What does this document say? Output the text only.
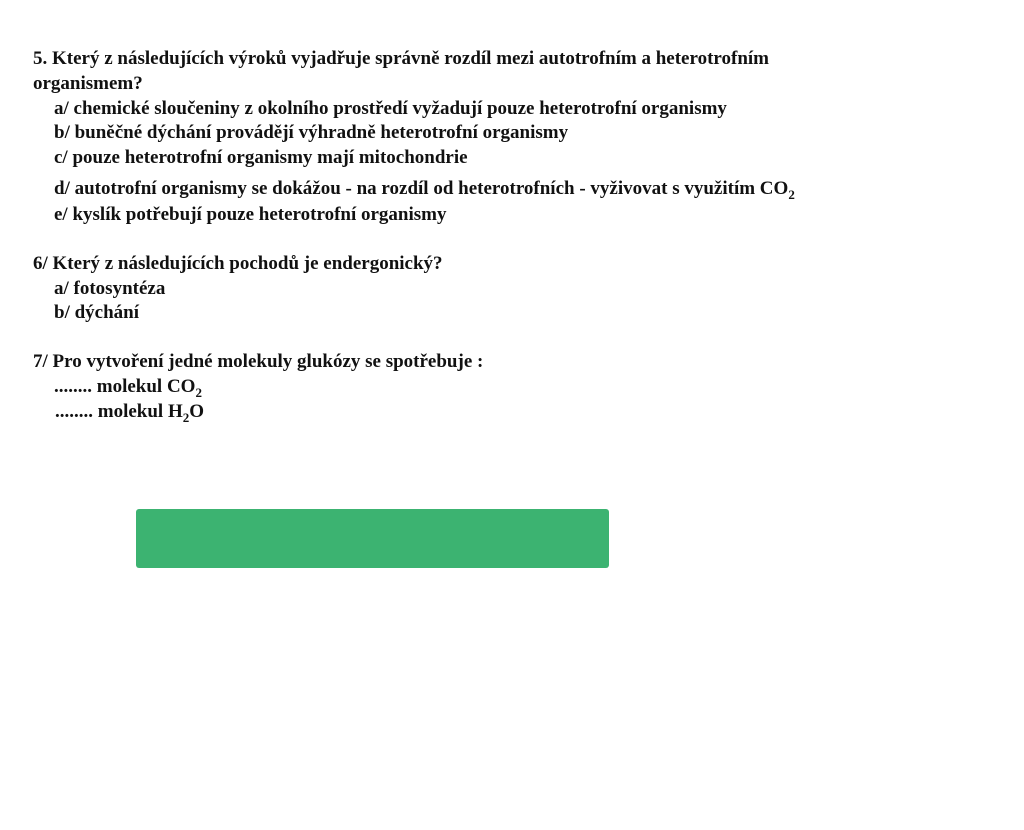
5. Který z následujících výroků vyjadřuje správně rozdíl mezi autotrofním a heterotrofním
organismem?
a/ chemické sloučeniny z okolního prostředí vyžadují pouze heterotrofní organismy
b/ buněčné dýchání provádějí výhradně heterotrofní organismy
c/ pouze heterotrofní organismy mají mitochondrie
d/ autotrofní organismy se dokážou - na rozdíl od heterotrofních - vyživovat s využitím $CO_2$
e/ kyslík potřebují pouze heterotrofní organismy
6/ Který z následujících pochodů je endergonický?
a/ fotosyntéza
b/ dýchání
7/ Pro vytvoření jedné molekuly glukózy se spotřebuje :
........ molekul $CO_2$
........ molekul $H_2O$
